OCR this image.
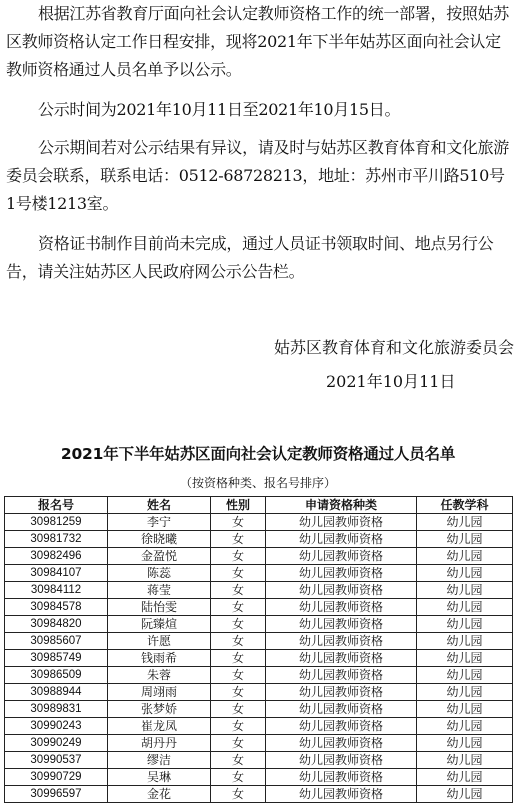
根据江苏省教育厅面向社会认定教师资格工作的统一部署，按照姑苏区教师资格认定工作日程安排，现将2021年下半年姑苏区面向社会认定教师资格通过人员名单予以公示。

公示时间为2021年10月11日至2021年10月15日。

公示期间若对公示结果有异议，请及时与姑苏区教育体育和文化旅游委员会联系，联系电话：0512-68728213，地址：苏州市平川路510号1号楼1213室。

资格证书制作目前尚未完成，通过人员证书领取时间、地点另行公告，请关注姑苏区人民政府网公示公告栏。

姑苏区教育体育和文化旅游委员会
2021年10月11日
2021年下半年姑苏区面向社会认定教师资格通过人员名单
（按资格种类、报名号排序）
报名号	姓名	性别	申请资格种类	任教学科
30981259	李宁	女	幼儿园教师资格	幼儿园
30981732	徐晓曦	女	幼儿园教师资格	幼儿园
30982496	金盈悦	女	幼儿园教师资格	幼儿园
30984107	陈蕊	女	幼儿园教师资格	幼儿园
30984112	蒋莹	女	幼儿园教师资格	幼儿园
30984578	陆怡雯	女	幼儿园教师资格	幼儿园
30984820	阮臻煊	女	幼儿园教师资格	幼儿园
30985607	许愿	女	幼儿园教师资格	幼儿园
30985749	钱雨希	女	幼儿园教师资格	幼儿园
30986509	朱蓉	女	幼儿园教师资格	幼儿园
30988944	周翊雨	女	幼儿园教师资格	幼儿园
30989831	张梦娇	女	幼儿园教师资格	幼儿园
30990243	崔龙凤	女	幼儿园教师资格	幼儿园
30990249	胡丹丹	女	幼儿园教师资格	幼儿园
30990537	缪洁	女	幼儿园教师资格	幼儿园
30990729	吴琳	女	幼儿园教师资格	幼儿园
30996597	金花	女	幼儿园教师资格	幼儿园
